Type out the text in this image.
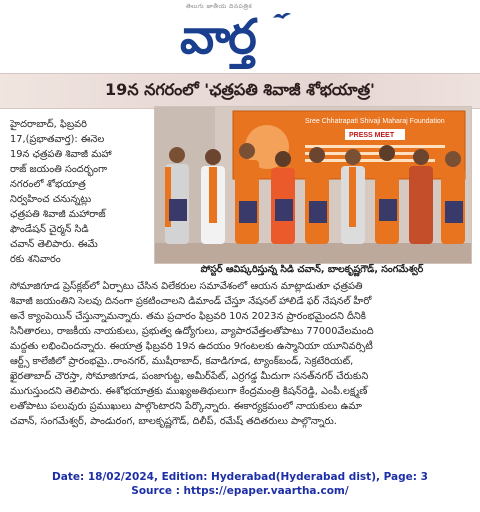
తెలుగు జాతీయ దినపత్రిక
వార్త
19న నగరంలో 'ఛత్రపతి శివాజీ శోభయాత్ర'
హైదరాబాద్, ఫిబ్రవరి
17,(ప్రభాతవార్త): ఈనెల
19న ఛత్రపతి శివాజీ మహా
రాజ్ జయంతి సందర్భంగా
నగరంలో శోభయాత్ర
నిర్వహించ చనున్నట్లు
ఛత్రపతి శివాజీ మహారాజ్
ఫౌండేషన్ చైర్మన్ సిడి
చవాన్ తెలిపారు. ఈమే
రకు శనివారం
Sree Chhatrapati Shivaji Maharaj Foundation
PRESS MEET
పోస్టర్ ఆవిష్కరిస్తున్న సిడి చవాన్, బాలకృష్ణగౌడ్, సంగమేశ్వర్
సోమాజిగూడ ప్రెస్‌క్లబ్‌లో ఏర్పాటు చేసిన విలేకరుల సమావేశంలో ఆయన మాట్లాడుతూ ఛత్రపతి
శివాజీ జయంతిని సెలవు దినంగా ప్రకటించాలని డిమాండ్ చేస్తూ నేషనల్ హాలిడే ఫర్ నేషనల్ హీరో
అనే క్యాంపెయిన్ చేస్తున్నామన్నారు. తమ ప్రచారం ఫిబ్రవరి 10న 2023న ప్రారంభమైందని దీనికి
సినీతారలు, రాజకీయ నాయకులు, ప్రభుత్వ ఉద్యోగులు, వ్యాపారవేత్తలతోపాటు 77000వేలమంది
మద్దతు లభించిందన్నారు. ఈయాత్ర ఫిబ్రవరి 19న ఉదయం 9గంటలకు ఉస్మానియా యూనివర్సిటీ
ఆర్ట్స్ కాలేజీలో ప్రారంభమై..రాంనగర్, ముషీరాబాద్, కవాడిగూడ, ట్యాంక్‌బండ్, సెక్రటేరియట్,
ఖైరతాబాద్ చౌరస్తా, సోమాజిగూడ, పంజాగుట్ట, అమీర్‌పేట్, ఎర్రగడ్డ మీదుగా సనత్‌నగర్ చేరుకుని
ముగుస్తుందని తెలిపారు. ఈశోభయాత్రకు ముఖ్యఅతిథులుగా కేంద్రమంత్రి కిషన్‌రెడ్డి, ఎంపీ.లక్ష్మణ్
లతోపాటు పలువురు ప్రముఖులు పాల్గొంటారని పేర్కొన్నారు. ఈకార్యక్రమంలో నాయకులు ఉమా
చవాన్, సంగమేశ్వర్, పాండురంగ, బాలకృష్ణగౌడ్, దిలీప్, రమేష్ తదితరులు పాల్గొన్నారు.
Date: 18/02/2024, Edition: Hyderabad(Hyderabad dist), Page: 3
Source : https://epaper.vaartha.com/
